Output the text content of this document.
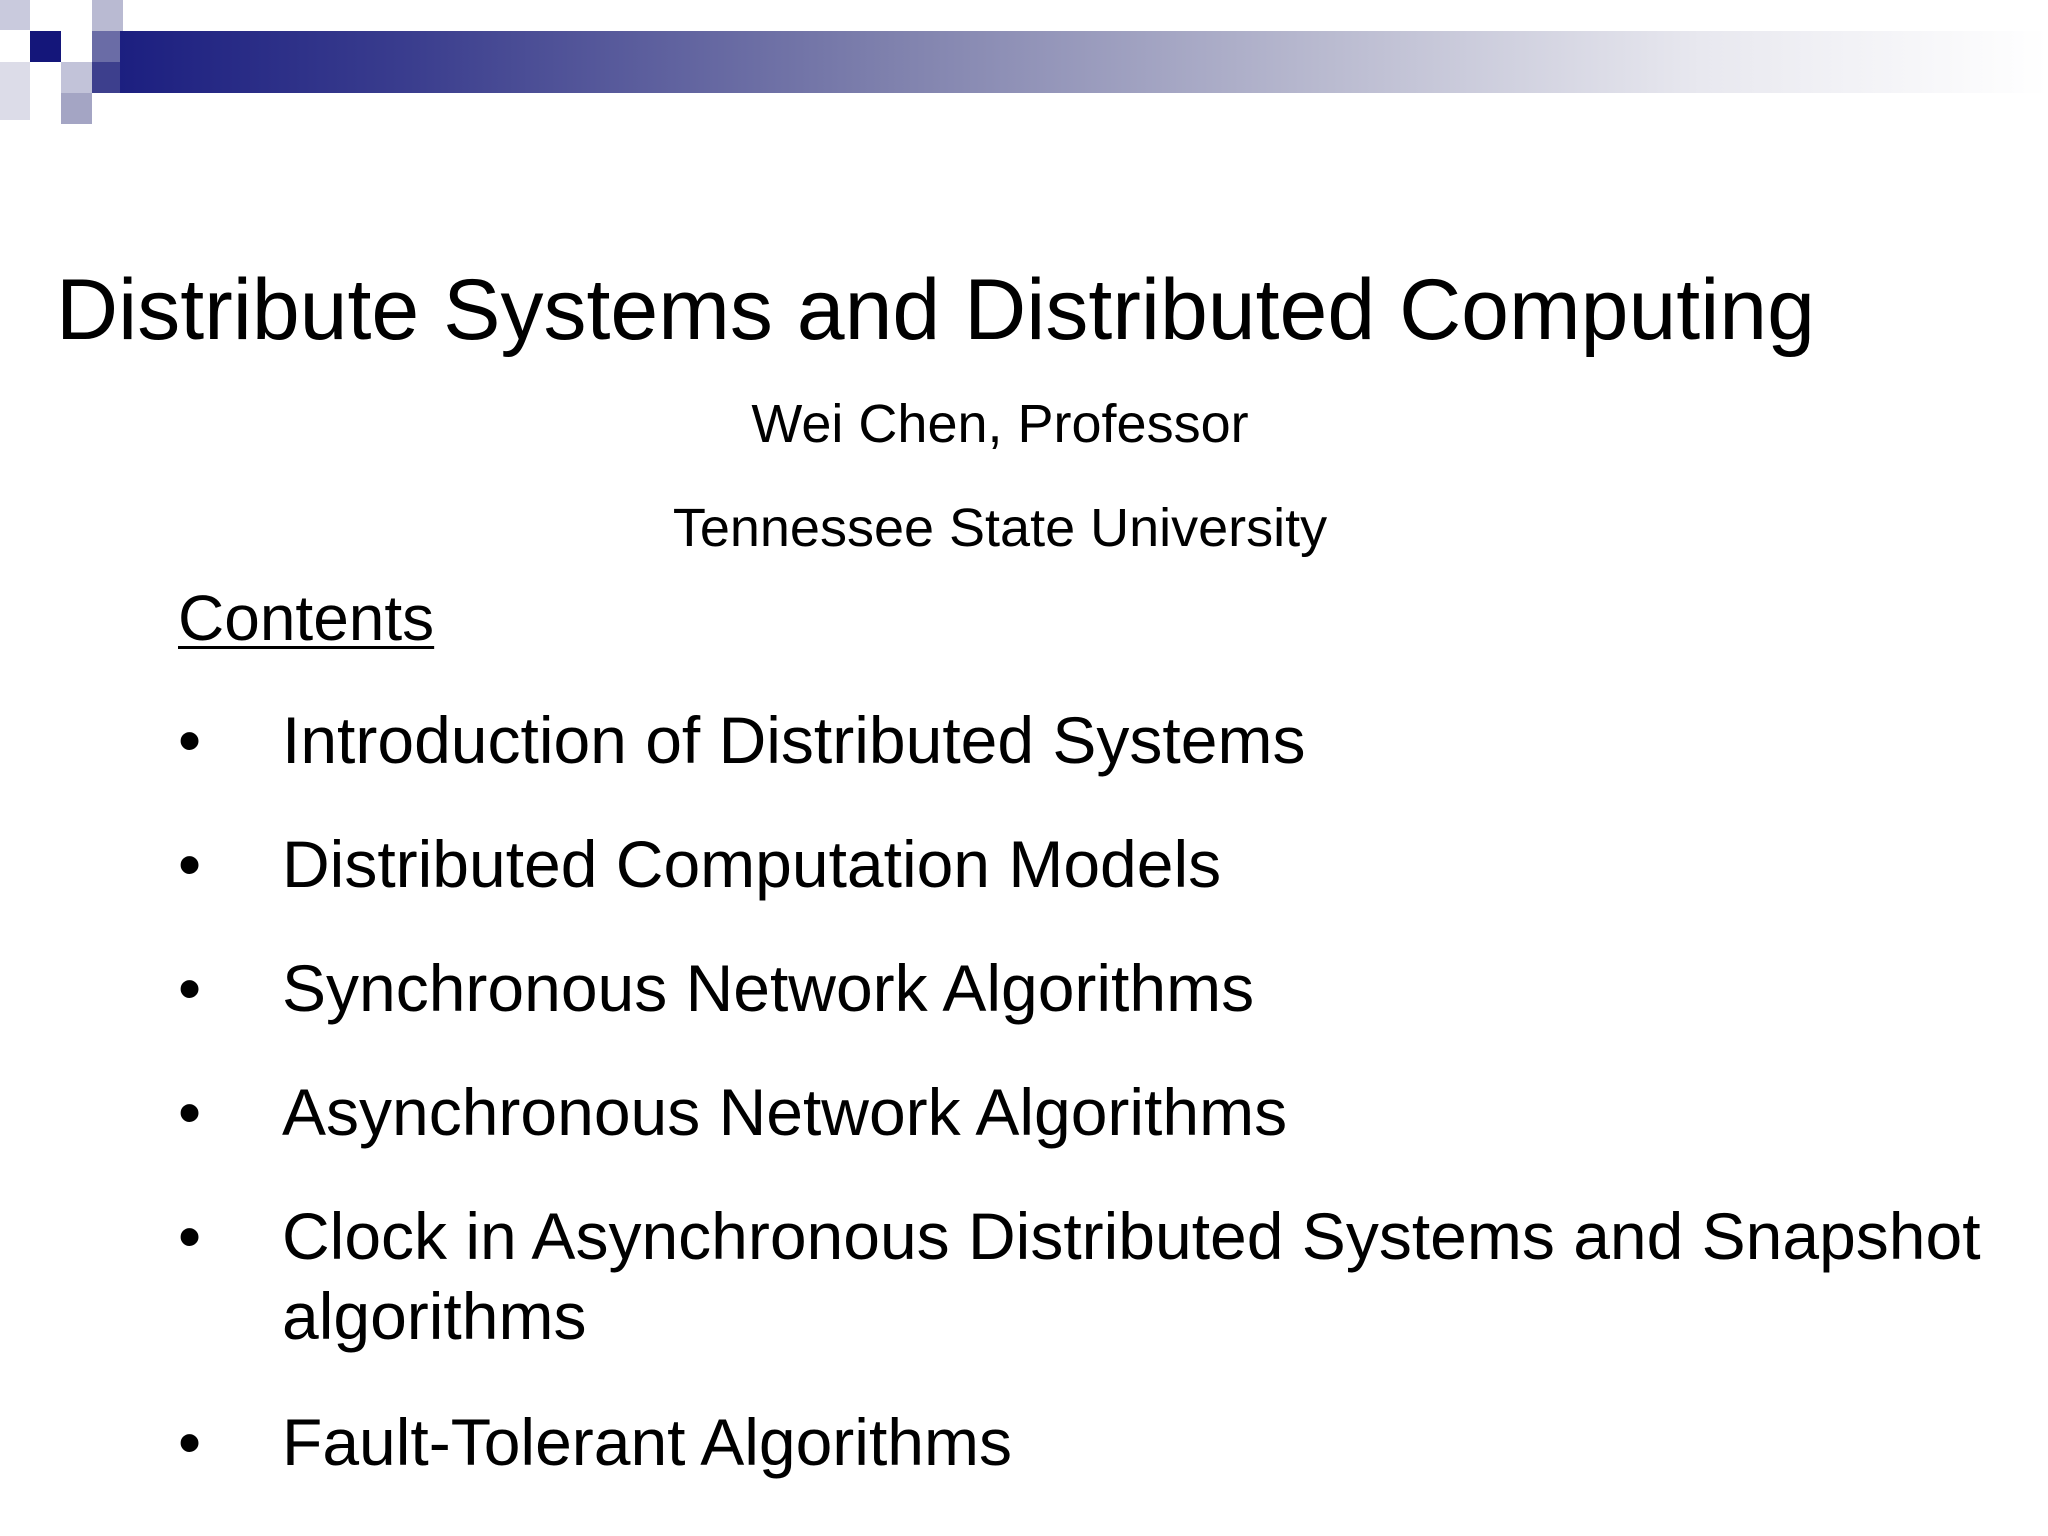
Distribute Systems and Distributed Computing
Wei Chen, Professor
Tennessee State University
Contents
• Introduction of Distributed Systems
• Distributed Computation Models
• Synchronous Network Algorithms
• Asynchronous Network Algorithms
• Clock in Asynchronous Distributed Systems and Snapshot algorithms
• Fault-Tolerant Algorithms
